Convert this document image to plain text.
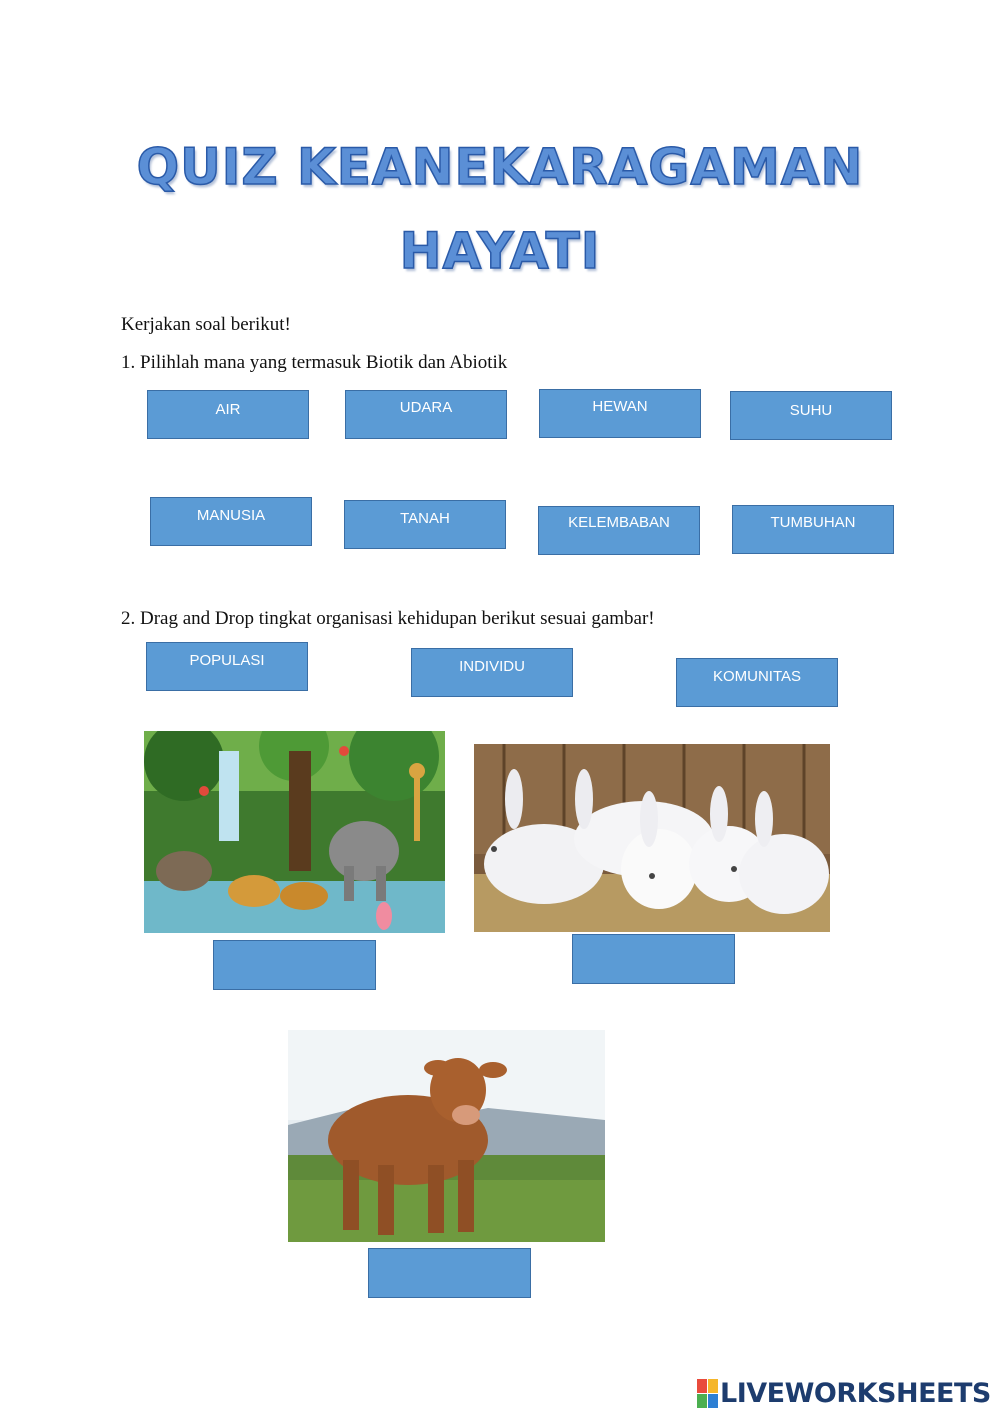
QUIZ KEANEKARAGAMAN
HAYATI
Kerjakan soal berikut!
1. Pilihlah mana yang termasuk Biotik dan Abiotik
AIR	UDARA	HEWAN	SUHU
MANUSIA	TANAH	KELEMBABAN	TUMBUHAN
2. Drag and Drop tingkat organisasi kehidupan berikut sesuai gambar!
POPULASI	INDIVIDU
KOMUNITAS
LIVEWORKSHEETS
